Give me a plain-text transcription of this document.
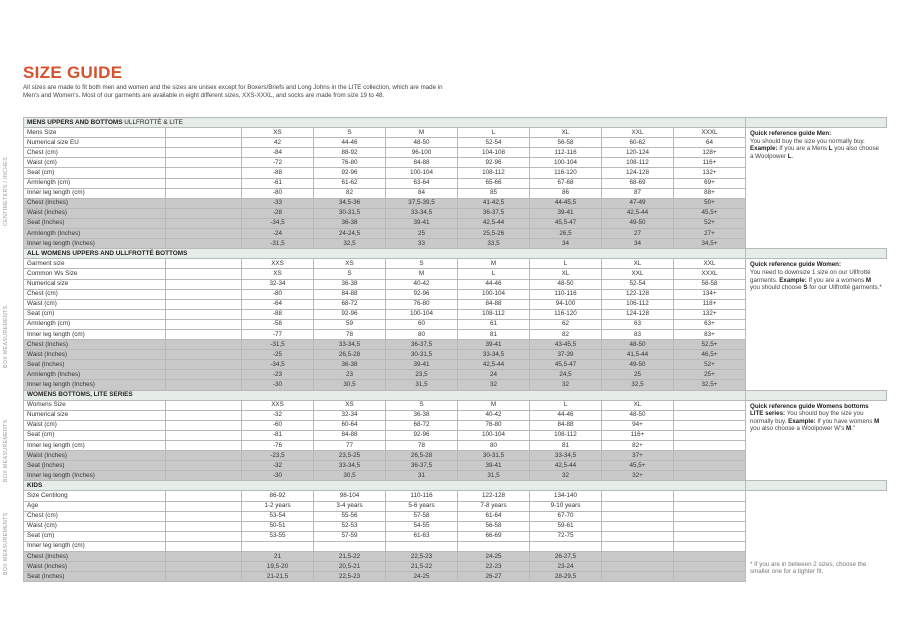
SIZE GUIDE

All sizes are made to fit both men and women and the sizes are unisex except for Boxers/Briefs and Long Johns in the LITE collection, which are made in Men's and Women's. Most of our garments are available in eight different sizes, XXS-XXXL, and socks are made from size 19 to 48.

CENTIMETERS / INCHES
BOX MEASUREMENTS
BOX MEASUREMENTS
BOX MEASUREMENTS
MENS UPPERS AND BOTTOMS ULLFROTTÉ & LITE									
Mens Size		XS	S	M	L	XL	XXL	XXXL	Quick reference guide Men:
You should buy the size you normally buy. Example: If you are a Mens L you also choose a Woolpower L.
Numerical size EU		42	44-46	48-50	52-54	56-58	60-62	64	
Chest (cm)		-84	88-92	96-100	104-108	112-116	120-124	128+	
Waist (cm)		-72	76-80	84-88	92-96	100-104	108-112	116+	
Seat (cm)		-88	92-96	100-104	108-112	116-120	124-128	132+	
Armlength (cm)		-61	61-62	63-64	65-66	67-68	68-69	69+	
Inner leg length (cm)		-80	82	84	85	86	87	88+	
Chest (Inches)		-33	34,5-36	37,5-39,5	41-42,5	44-45,5	47-49	50+	
Waist (Inches)		-28	30-31,5	33-34,5	36-37,5	39-41	42,5-44	45,5+	
Seat (Inches)		-34,5	36-38	39-41	42,5-44	45,5-47	49-50	52+	
Armlength (Inches)		-24	24-24,5	25	25,5-26	26,5	27	27+	
Inner leg length (Inches)		-31,5	32,5	33	33,5	34	34	34,5+	
ALL WOMENS UPPERS AND ULLFROTTÉ BOTTOMS									
Garment size		XXS	XS	S	M	L	XL	XXL	Quick reference guide Women:
You need to downsize 1 size on our Ullfrotté garments. Example: If you are a womens M you should choose S for our Ullfrotté garments.*
Common Ws Size		XS	S	M	L	XL	XXL	XXXL	
Numerical size		32-34	36-38	40-42	44-46	48-50	52-54	56-58	
Chest (cm)		-80	84-88	92-96	100-104	110-116	122-128	134+	
Waist (cm)		-64	68-72	76-80	84-88	94-100	106-112	118+	
Seat (cm)		-88	92-96	100-104	108-112	116-120	124-128	132+	
Armlength (cm)		-58	59	60	61	62	63	63+	
Inner leg length (cm)		-77	78	80	81	82	83	83+	
Chest (Inches)		-31,5	33-34,5	36-37,5	39-41	43-45,5	48-50	52,5+	
Waist (Inches)		-25	26,5-28	30-31,5	33-34,5	37-39	41,5-44	46,5+	
Seat (Inches)		-34,5	36-38	39-41	42,5-44	45,5-47	49-50	52+	
Armlength (Inches)		-23	23	23,5	24	24,5	25	25+	
Inner leg length (Inches)		-30	30,5	31,5	32	32	32,5	32,5+	
WOMENS BOTTOMS, LITE SERIES									
Womens Size		XXS	XS	S	M	L	XL		Quick reference guide Womens bottoms LITE series: You should buy the size you normally buy. Example: If you have womens M you also choose a Woolpower W's M."
Numerical size		-32	32-34	36-38	40-42	44-46	48-50		
Waist (cm)		-60	60-64	68-72	76-80	84-88	94+		
Seat (cm)		-81	84-88	92-96	100-104	108-112	116+		
Inner leg length (cm)		-76	77	78	80	81	82+		
Waist (Inches)		-23,5	23,5-25	26,5-28	30-31,5	33-34,5	37+		
Seat (Inches)		-32	33-34,5	36-37,5	39-41	42,5-44	45,5+		
Inner leg length (Inches)		-30	30,5	31	31,5	32	32+		
KIDS									
Size Centilong		86-92	98-104	110-116	122-128	134-140			* If you are in between 2 sizes, choose the smaller one for a tighter fit.
Age		1-2 years	3-4 years	5-6 years	7-8 years	9-10 years			
Chest (cm)		53-54	55-56	57-58	61-64	67-70			
Waist (cm)		50-51	52-53	54-55	56-58	59-61			
Seat (cm)		53-55	57-59	61-63	66-69	72-75			
Inner leg length (cm)									
Chest (Inches)		21	21,5-22	22,5-23	24-25	26-27,5			
Waist (Inches)		19,5-20	20,5-21	21,5-22	22-23	23-24			
Seat (Inches)		21-21,5	22,5-23	24-25	26-27	28-29,5			
